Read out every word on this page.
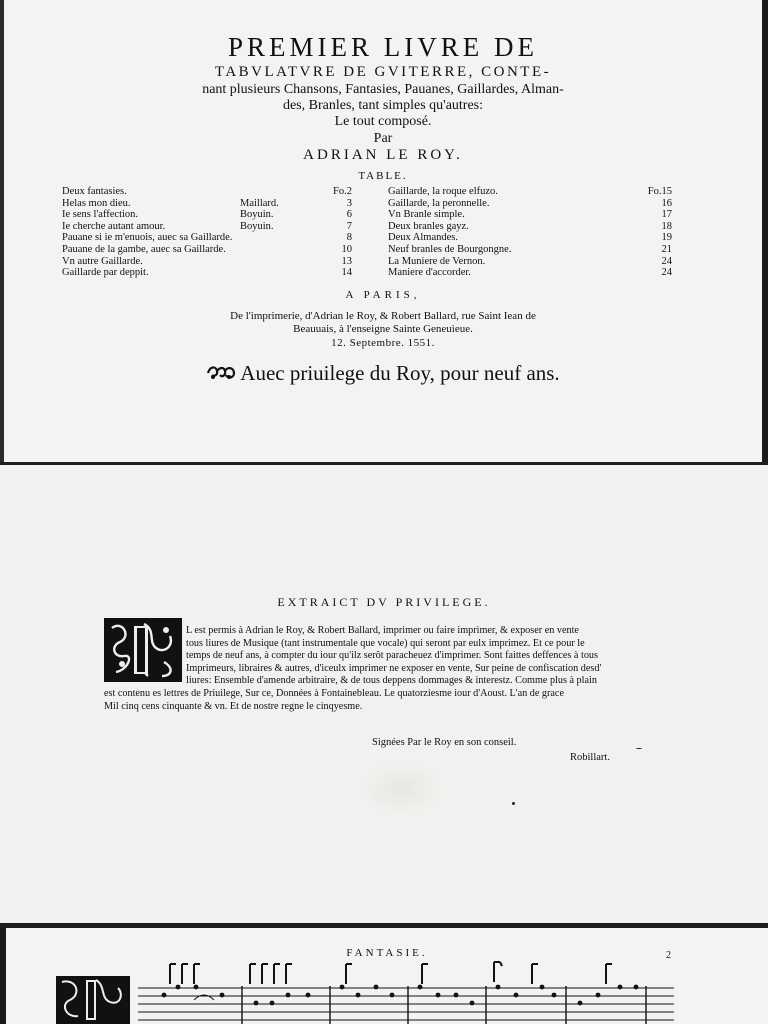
PREMIER LIVRE DE
TABVLATVRE DE GVITERRE, CONTE-
nant plusieurs Chansons, Fantasies, Pauanes, Gaillardes, Alman-
des, Branles, tant simples qu'autres:
Le tout composé.
Par
ADRIAN LE ROY.
TABLE.
Deux fantasies.	Fo.2
Helas mon dieu.	Maillard.	3
Ie sens l'affection.	Boyuin.	6
Ie cherche autant amour.	Boyuin.	7
Pauane si ie m'enuois, auec sa Gaillarde.	8
Pauane de la gambe, auec sa Gaillarde.	10
Vn autre Gaillarde.	13
Gaillarde par deppit.	14
Gaillarde, la roque elfuzo.	Fo.15
Gaillarde, la peronnelle.	16
Vn Branle simple.	17
Deux branles gayz.	18
Deux Almandes.	19
Neuf branles de Bourgongne.	21
La Muniere de Vernon.	24
Maniere d'accorder.	24
A PARIS,
De l'imprimerie, d'Adrian le Roy, & Robert Ballard, rue Saint Iean de
Beauuais, à l'enseigne Sainte Geneuieue.
12. Septembre. 1551.
Auec priuilege du Roy, pour neuf ans.
EXTRAICT DV PRIVILEGE.
L est permis à Adrian le Roy, & Robert Ballard, imprimer ou faire imprimer, & exposer en vente
tous liures de Musique (tant instrumentale que vocale) qui seront par eulx imprimez. Et ce pour le
temps de neuf ans, à compter du iour qu'ilz serôt paracheuez d'imprimer. Sont faittes deffences à tous
Imprimeurs, libraires & autres, d'iceulx imprimer ne exposer en vente, Sur peine de confiscation desd'
liures: Ensemble d'amende arbitraire, & de tous deppens dommages & interestz. Comme plus à plain
est contenu es lettres de Priuilege, Sur ce, Données à Fontainebleau. Le quatorziesme iour d'Aoust. L'an de grace
Mil cinq cens cinquante & vn. Et de nostre regne le cinqyesme.
Signées Par le Roy en son conseil.
Robillart.
FANTASIE.	2
